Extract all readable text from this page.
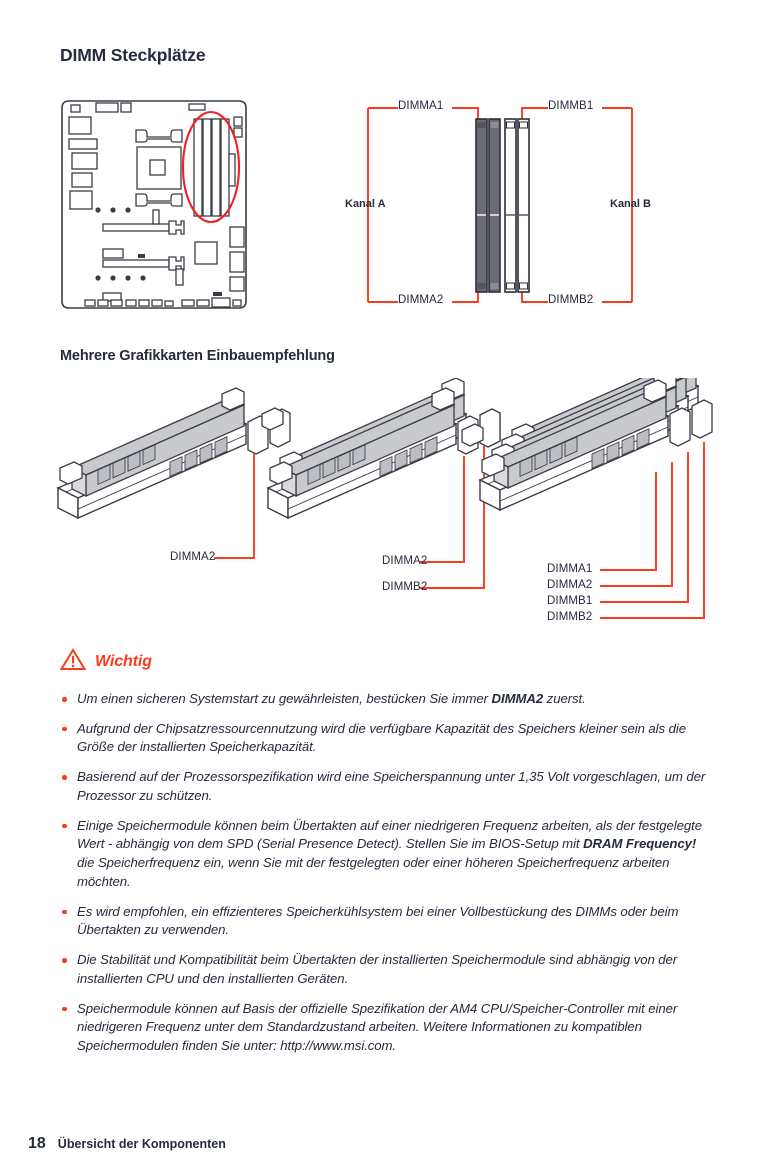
DIMM Steckplätze
DIMMA1
DIMMA2
DIMMB1
DIMMB2
Kanal A	Kanal B
Mehrere Grafikkarten Einbauempfehlung
DIMMA2	DIMMA2
DIMMB2
DIMMA1
DIMMA2
DIMMB1
DIMMB2
Wichtig
Um einen sicheren Systemstart zu gewährleisten, bestücken Sie immer DIMMA2 zuerst.
Aufgrund der Chipsatzressourcennutzung wird die verfügbare Kapazität des Speichers kleiner sein als die Größe der installierten Speicherkapazität.
Basierend auf der Prozessorspezifikation wird eine Speicherspannung unter 1,35 Volt vorgeschlagen, um der Prozessor zu schützen.
Einige Speichermodule können beim Übertakten auf einer niedrigeren Frequenz arbeiten, als der festgelegte Wert - abhängig von dem SPD (Serial Presence Detect). Stellen Sie im BIOS-Setup mit DRAM Frequency! die Speicherfrequenz ein, wenn Sie mit der festgelegten oder einer höheren Speicherfrequenz arbeiten möchten.
Es wird empfohlen, ein effizienteres Speicherkühlsystem bei einer Vollbestückung des DIMMs oder beim Übertakten zu verwenden.
Die Stabilität und Kompatibilität beim Übertakten der installierten Speichermodule sind abhängig von der installierten CPU und den installierten Geräten.
Speichermodule können auf Basis der offizielle Spezifikation der AM4 CPU/Speicher-Controller mit einer niedrigeren Frequenz unter dem Standardzustand arbeiten. Weitere Informationen zu kompatiblen Speichermodulen finden Sie unter: http://www.msi.com.
18 Übersicht der Komponenten
